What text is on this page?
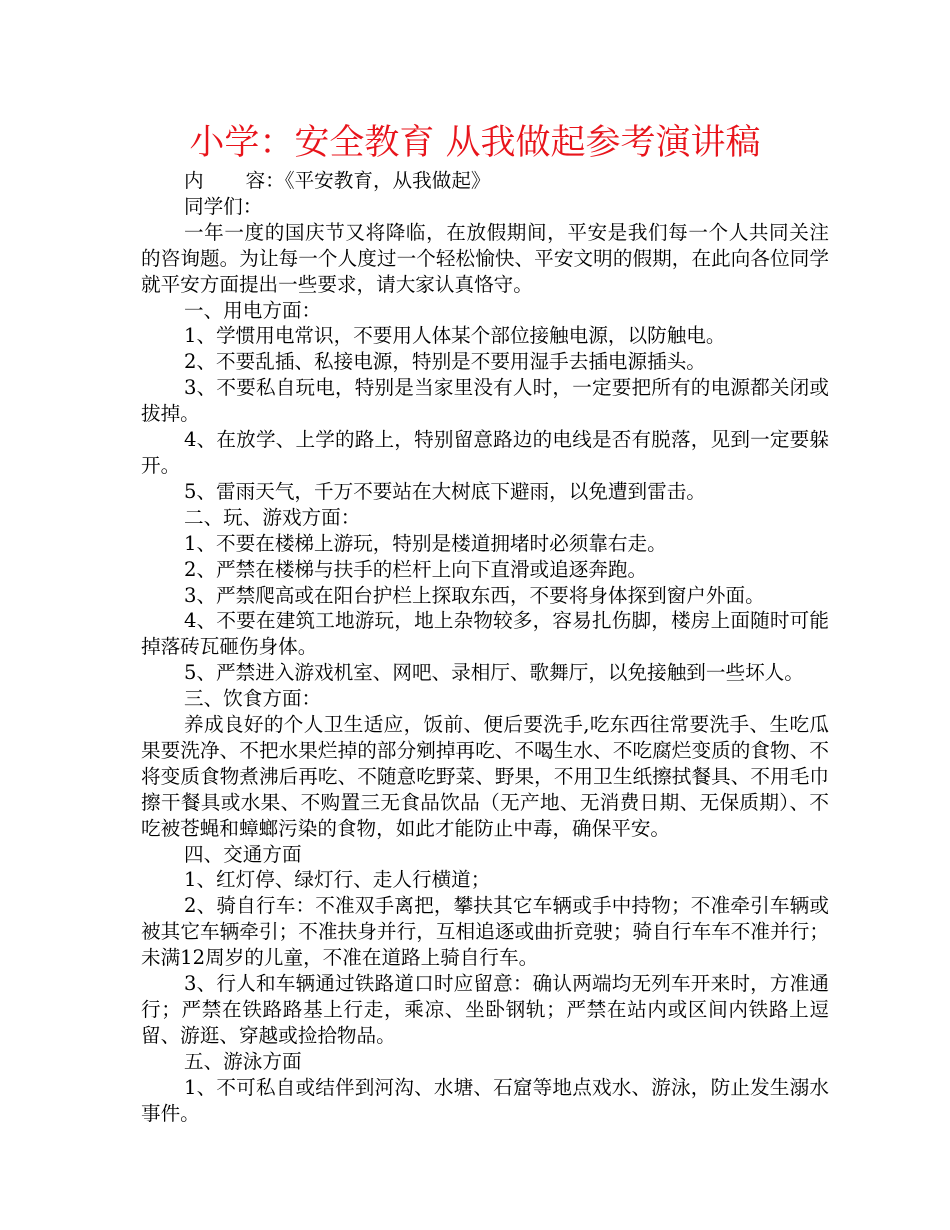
小学：安全教育 从我做起参考演讲稿

内 容：《平安教育，从我做起》

同学们：

一年一度的国庆节又将降临，在放假期间，平安是我们每一个人共同关注的咨询题。为让每一个人度过一个轻松愉快、平安文明的假期，在此向各位同学就平安方面提出一些要求，请大家认真恪守。

一、用电方面：

1、学惯用电常识，不要用人体某个部位接触电源，以防触电。

2、不要乱插、私接电源，特别是不要用湿手去插电源插头。

3、不要私自玩电，特别是当家里没有人时，一定要把所有的电源都关闭或拔掉。

4、在放学、上学的路上，特别留意路边的电线是否有脱落，见到一定要躲开。

5、雷雨天气，千万不要站在大树底下避雨，以免遭到雷击。

二、玩、游戏方面：

1、不要在楼梯上游玩，特别是楼道拥堵时必须靠右走。

2、严禁在楼梯与扶手的栏杆上向下直滑或追逐奔跑。

3、严禁爬高或在阳台护栏上探取东西，不要将身体探到窗户外面。

4、不要在建筑工地游玩，地上杂物较多，容易扎伤脚，楼房上面随时可能掉落砖瓦砸伤身体。

5、严禁进入游戏机室、网吧、录相厅、歌舞厅，以免接触到一些坏人。

三、饮食方面：

养成良好的个人卫生适应，饭前、便后要洗手,吃东西往常要洗手、生吃瓜果要洗净、不把水果烂掉的部分剜掉再吃、不喝生水、不吃腐烂变质的食物、不将变质食物煮沸后再吃、不随意吃野菜、野果，不用卫生纸擦拭餐具、不用毛巾擦干餐具或水果、不购置三无食品饮品（无产地、无消费日期、无保质期）、不吃被苍蝇和蟑螂污染的食物，如此才能防止中毒，确保平安。

四、交通方面

1、红灯停、绿灯行、走人行横道；

2、骑自行车：不准双手离把，攀扶其它车辆或手中持物；不准牵引车辆或被其它车辆牵引；不准扶身并行，互相追逐或曲折竞驶；骑自行车车不准并行；未满12周岁的儿童，不准在道路上骑自行车。

3、行人和车辆通过铁路道口时应留意：确认两端均无列车开来时，方准通行；严禁在铁路路基上行走，乘凉、坐卧钢轨；严禁在站内或区间内铁路上逗留、游逛、穿越或捡拾物品。

五、游泳方面

1、不可私自或结伴到河沟、水塘、石窟等地点戏水、游泳，防止发生溺水事件。
